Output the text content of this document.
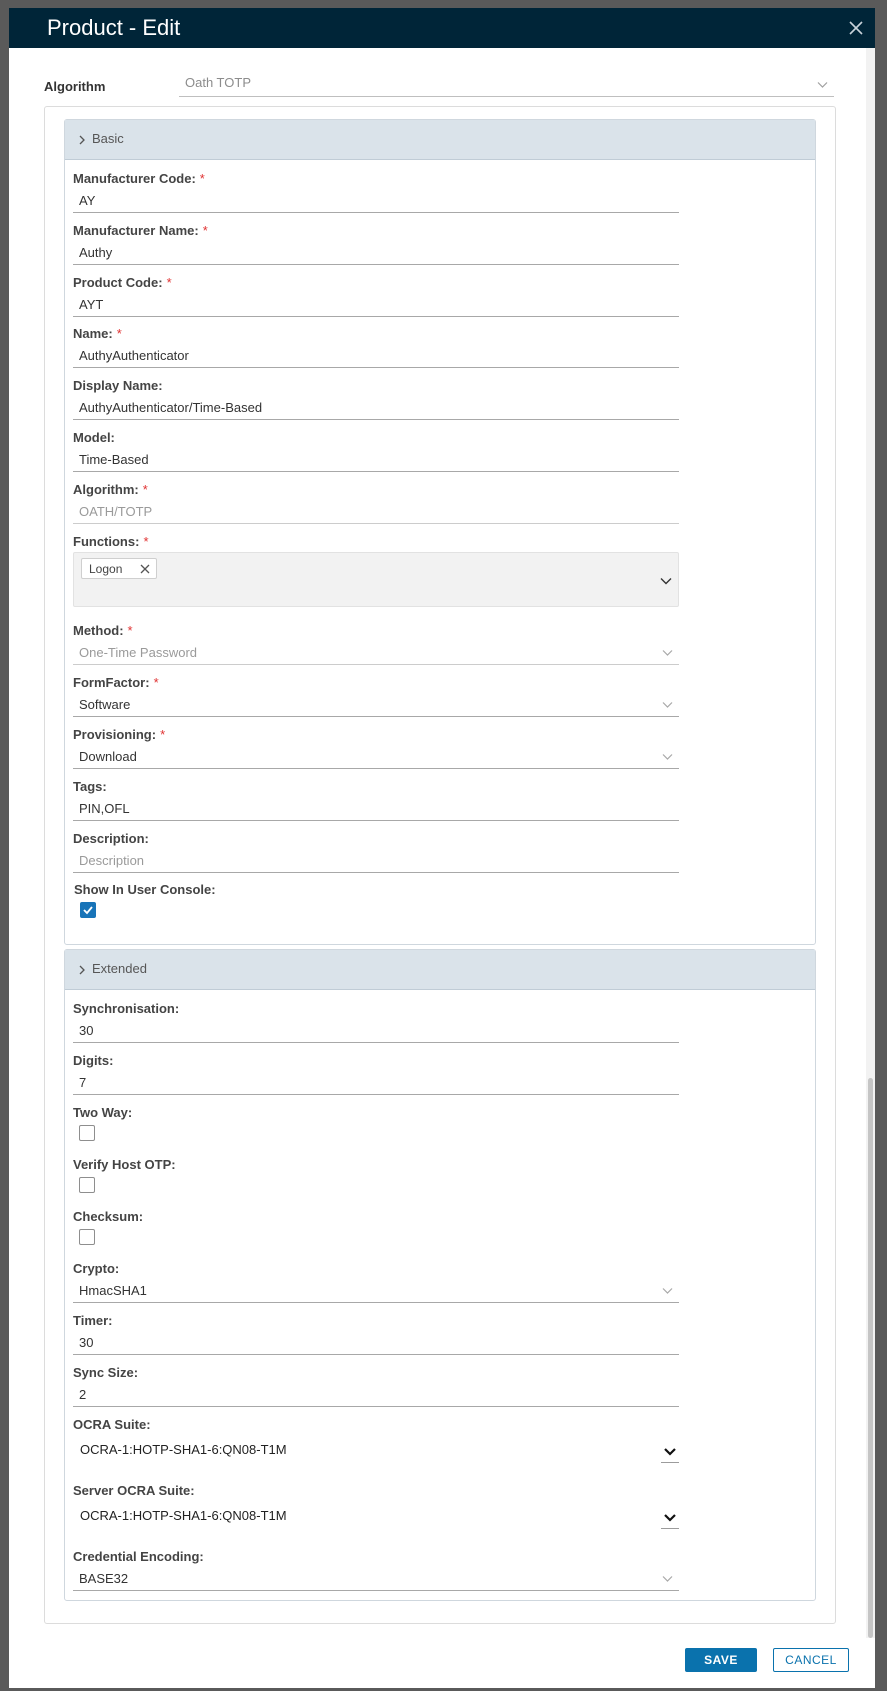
Product - Edit
Algorithm	Oath TOTP
Basic
Manufacturer Code: *
AY
Manufacturer Name: *
Authy
Product Code: *
AYT
Name: *
AuthyAuthenticator
Display Name:
AuthyAuthenticator/Time-Based
Model:
Time-Based
Algorithm: *
OATH/TOTP
Functions: *
Logon
Method: *
One-Time Password
FormFactor: *
Software
Provisioning: *
Download
Tags:
PIN,OFL
Description:
Description
Show In User Console:
Extended
Synchronisation:
30
Digits:
7
Two Way:
Verify Host OTP:
Checksum:
Crypto:
HmacSHA1
Timer:
30
Sync Size:
2
OCRA Suite:
OCRA-1:HOTP-SHA1-6:QN08-T1M
Server OCRA Suite:
OCRA-1:HOTP-SHA1-6:QN08-T1M
Credential Encoding:
BASE32
SAVE	CANCEL
